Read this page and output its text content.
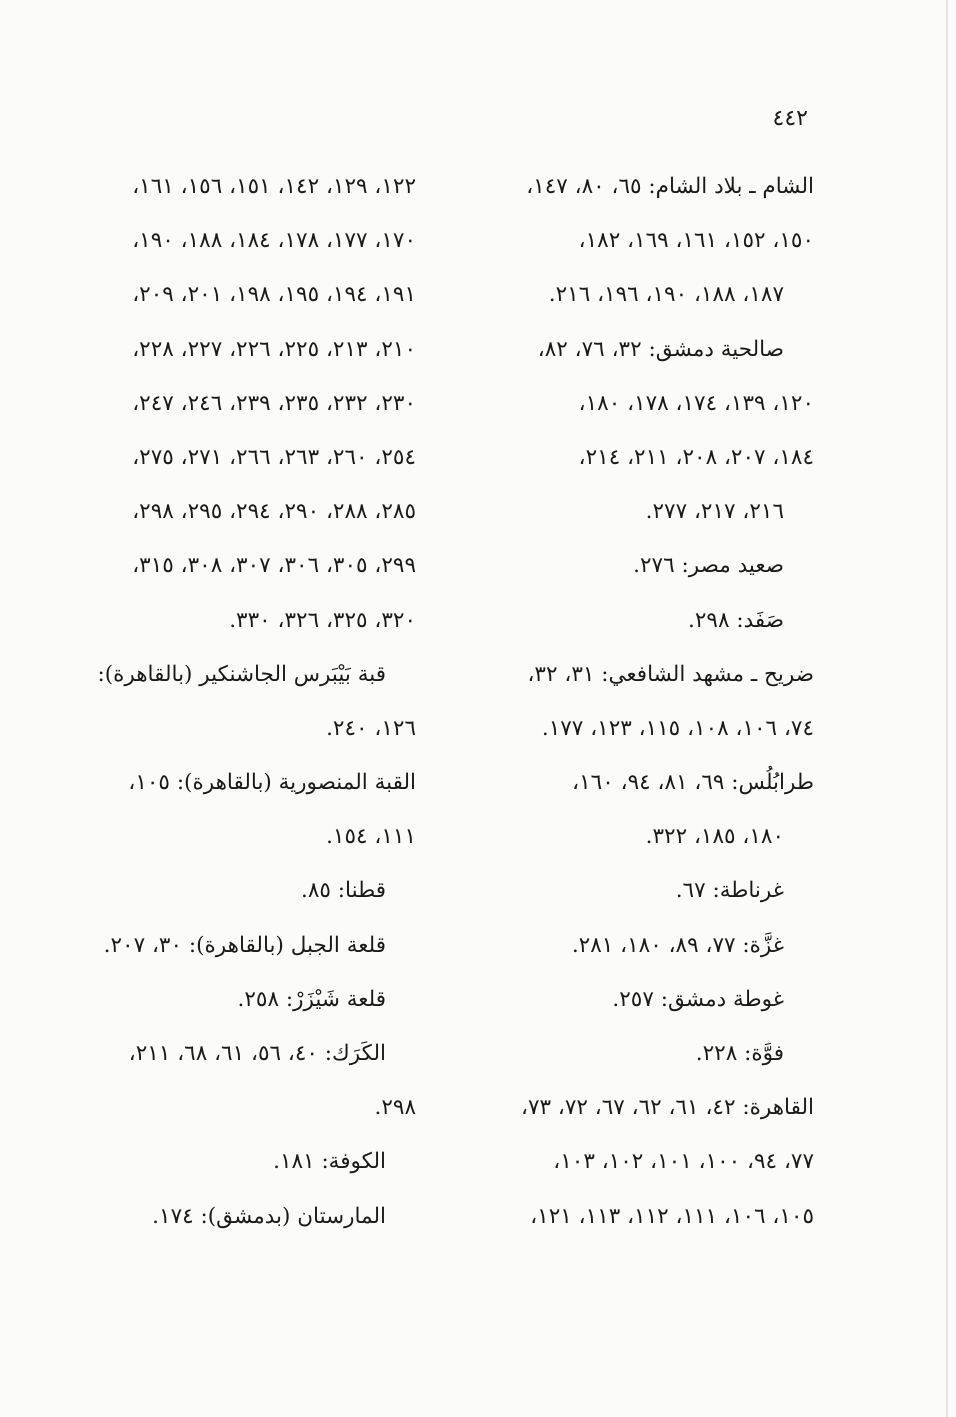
٤٤٢
الشام ـ بلاد الشام: ٦٥، ٨٠، ١٤٧،
١٥٠، ١٥٢، ١٦١، ١٦٩، ١٨٢،
١٨٧، ١٨٨، ١٩٠، ١٩٦، ٢١٦.
صالحية دمشق: ٣٢، ٧٦، ٨٢،
١٢٠، ١٣٩، ١٧٤، ١٧٨، ١٨٠،
١٨٤، ٢٠٧، ٢٠٨، ٢١١، ٢١٤،
٢١٦، ٢١٧، ٢٧٧.
صعيد مصر: ٢٧٦.
صَفَد: ٢٩٨.
ضريح ـ مشهد الشافعي: ٣١، ٣٢،
٧٤، ١٠٦، ١٠٨، ١١٥، ١٢٣، ١٧٧.
طرابُلُس: ٦٩، ٨١، ٩٤، ١٦٠،
١٨٠، ١٨٥، ٣٢٢.
غرناطة: ٦٧.
غزَّة: ٧٧، ٨٩، ١٨٠، ٢٨١.
غوطة دمشق: ٢٥٧.
فوَّة: ٢٢٨.
القاهرة: ٤٢، ٦١، ٦٢، ٦٧، ٧٢، ٧٣،
٧٧، ٩٤، ١٠٠، ١٠١، ١٠٢، ١٠٣،
١٠٥، ١٠٦، ١١١، ١١٢، ١١٣، ١٢١،
١٢٢، ١٢٩، ١٤٢، ١٥١، ١٥٦، ١٦١،
١٧٠، ١٧٧، ١٧٨، ١٨٤، ١٨٨، ١٩٠،
١٩١، ١٩٤، ١٩٥، ١٩٨، ٢٠١، ٢٠٩،
٢١٠، ٢١٣، ٢٢٥، ٢٢٦، ٢٢٧، ٢٢٨،
٢٣٠، ٢٣٢، ٢٣٥، ٢٣٩، ٢٤٦، ٢٤٧،
٢٥٤، ٢٦٠، ٢٦٣، ٢٦٦، ٢٧١، ٢٧٥،
٢٨٥، ٢٨٨، ٢٩٠، ٢٩٤، ٢٩٥، ٢٩٨،
٢٩٩، ٣٠٥، ٣٠٦، ٣٠٧، ٣٠٨، ٣١٥،
٣٢٠، ٣٢٥، ٣٢٦، ٣٣٠.
قبة بَيْبَرس الجاشنكير (بالقاهرة):
١٢٦، ٢٤٠.
القبة المنصورية (بالقاهرة): ١٠٥،
١١١، ١٥٤.
قطنا: ٨٥.
قلعة الجبل (بالقاهرة): ٣٠، ٢٠٧.
قلعة شَيْزَرْ: ٢٥٨.
الكَرَك: ٤٠، ٥٦، ٦١، ٦٨، ٢١١،
٢٩٨.
الكوفة: ١٨١.
المارستان (بدمشق): ١٧٤.
